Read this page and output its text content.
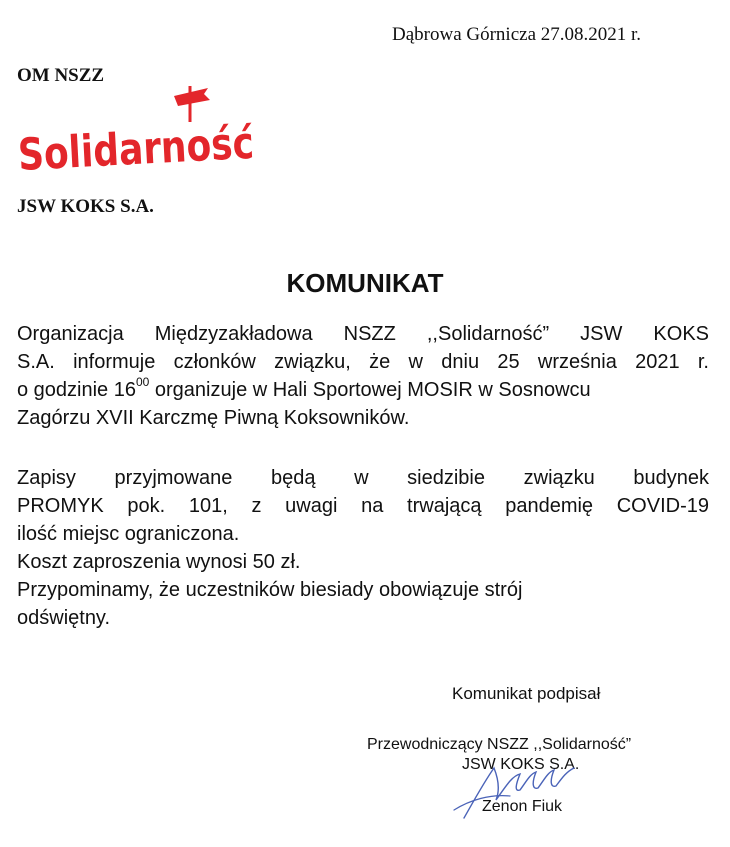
Dąbrowa Górnicza 27.08.2021 r.
OM NSZZ
Solidarność
JSW KOKS S.A.
KOMUNIKAT
Organizacja Międzyzakładowa NSZZ ,,Solidarność” JSW KOKS
S.A. informuje członków związku, że w dniu 25 września 2021 r.
o godzinie $16^{00}$ organizuje w Hali Sportowej MOSIR w Sosnowcu
Zagórzu XVII Karczmę Piwną Koksowników.
Zapisy przyjmowane będą w siedzibie związku budynek
PROMYK pok. 101, z uwagi na trwającą pandemię COVID-19
ilość miejsc ograniczona.
Koszt zaproszenia wynosi 50 zł.
Przypominamy, że uczestników biesiady obowiązuje strój
odświętny.
Komunikat podpisał
Przewodniczący NSZZ ,,Solidarność”
JSW KOKS S.A.
Zenon Fiuk
